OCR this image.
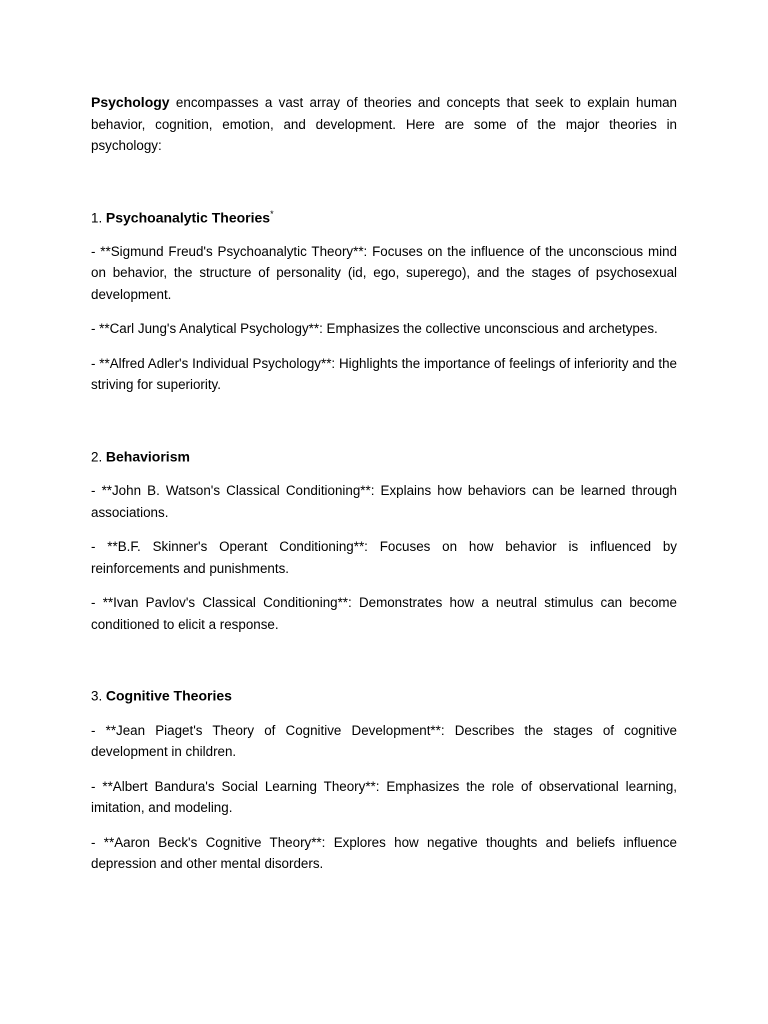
Psychology encompasses a vast array of theories and concepts that seek to explain human behavior, cognition, emotion, and development. Here are some of the major theories in psychology:

1. Psychoanalytic Theories*

- **Sigmund Freud's Psychoanalytic Theory**: Focuses on the influence of the unconscious mind on behavior, the structure of personality (id, ego, superego), and the stages of psychosexual development.

- **Carl Jung's Analytical Psychology**: Emphasizes the collective unconscious and archetypes.

- **Alfred Adler's Individual Psychology**: Highlights the importance of feelings of inferiority and the striving for superiority.

2. Behaviorism

- **John B. Watson's Classical Conditioning**: Explains how behaviors can be learned through associations.

- **B.F. Skinner's Operant Conditioning**: Focuses on how behavior is influenced by reinforcements and punishments.

- **Ivan Pavlov's Classical Conditioning**: Demonstrates how a neutral stimulus can become conditioned to elicit a response.

3. Cognitive Theories

- **Jean Piaget's Theory of Cognitive Development**: Describes the stages of cognitive development in children.

- **Albert Bandura's Social Learning Theory**: Emphasizes the role of observational learning, imitation, and modeling.

- **Aaron Beck's Cognitive Theory**: Explores how negative thoughts and beliefs influence depression and other mental disorders.
